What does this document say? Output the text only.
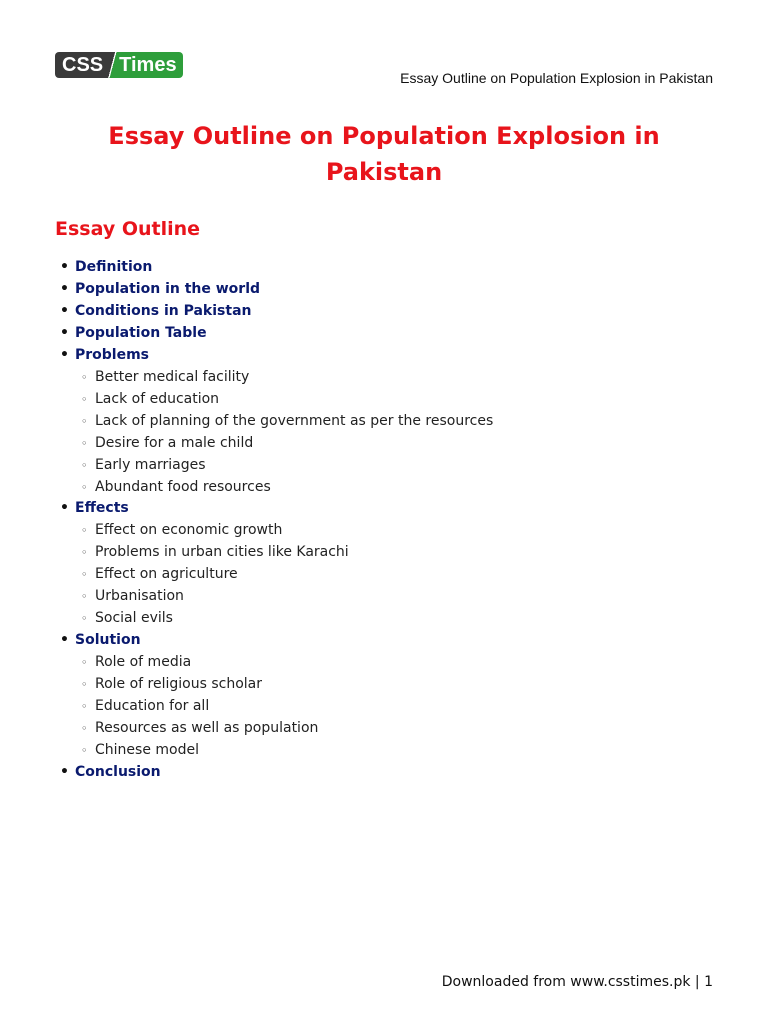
CSS Times
Essay Outline on Population Explosion in Pakistan
Essay Outline on Population Explosion in
Pakistan
Essay Outline
• Definition
• Population in the world
• Conditions in Pakistan
• Population Table
• Problems
◦ Better medical facility
◦ Lack of education
◦ Lack of planning of the government as per the resources
◦ Desire for a male child
◦ Early marriages
◦ Abundant food resources
• Effects
◦ Effect on economic growth
◦ Problems in urban cities like Karachi
◦ Effect on agriculture
◦ Urbanisation
◦ Social evils
• Solution
◦ Role of media
◦ Role of religious scholar
◦ Education for all
◦ Resources as well as population
◦ Chinese model
• Conclusion
Downloaded from www.csstimes.pk | 1
